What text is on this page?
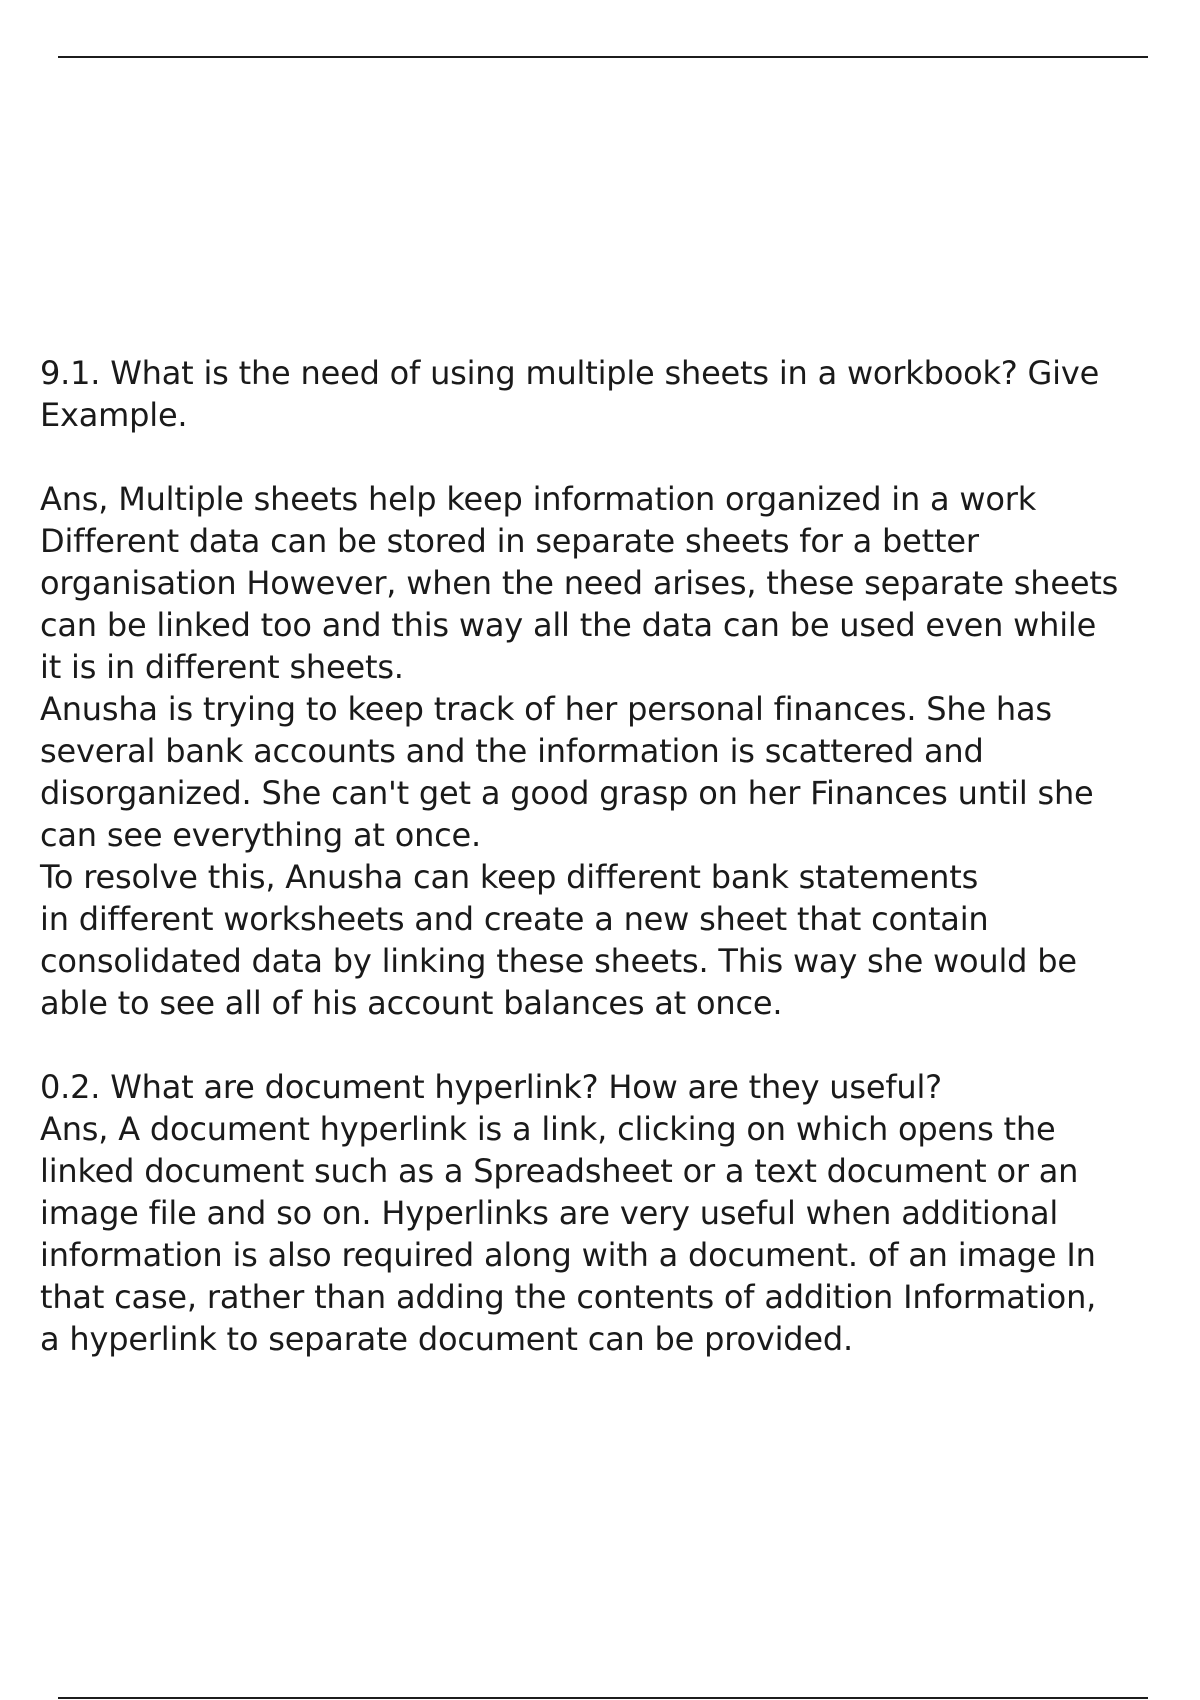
9.1. What is the need of using multiple sheets in a workbook? Give
Example.
Ans, Multiple sheets help keep information organized in a work
Different data can be stored in separate sheets for a better
organisation However, when the need arises, these separate sheets
can be linked too and this way all the data can be used even while
it is in different sheets.
Anusha is trying to keep track of her personal finances. She has
several bank accounts and the information is scattered and
disorganized. She can't get a good grasp on her Finances until she
can see everything at once.
To resolve this, Anusha can keep different bank statements
in different worksheets and create a new sheet that contain
consolidated data by linking these sheets. This way she would be
able to see all of his account balances at once.
0.2. What are document hyperlink? How are they useful?
Ans, A document hyperlink is a link, clicking on which opens the
linked document such as a Spreadsheet or a text document or an
image file and so on. Hyperlinks are very useful when additional
information is also required along with a document. of an image In
that case, rather than adding the contents of addition Information,
a hyperlink to separate document can be provided.
